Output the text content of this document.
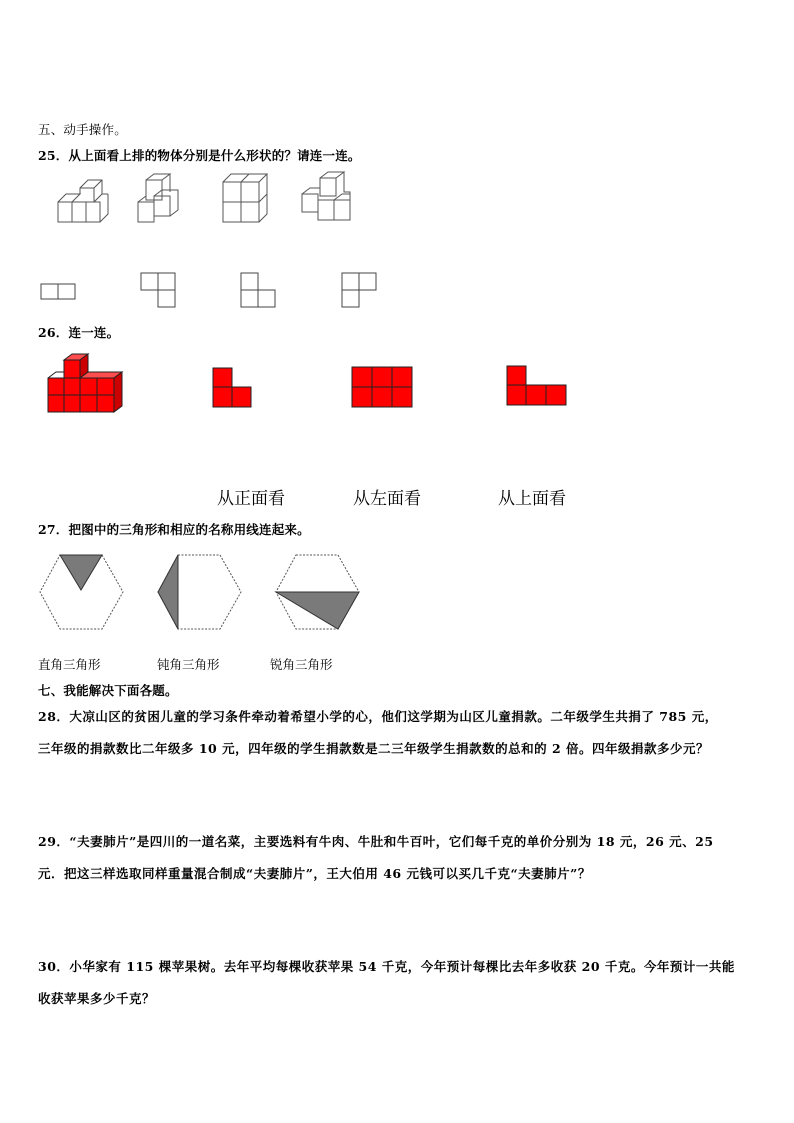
五、动手操作。
25．从上面看上排的物体分别是什么形状的？请连一连。
26．连一连。
从正面看	从左面看	从上面看
27．把图中的三角形和相应的名称用线连起来。
直角三角形	钝角三角形	锐角三角形
七、我能解决下面各题。
28．大凉山区的贫困儿童的学习条件牵动着希望小学的心，他们这学期为山区儿童捐款。二年级学生共捐了 785 元，
三年级的捐款数比二年级多 10 元，四年级的学生捐款数是二三年级学生捐款数的总和的 2 倍。四年级捐款多少元？
29．“夫妻肺片”是四川的一道名菜，主要选料有牛肉、牛肚和牛百叶，它们每千克的单价分别为 18 元，26 元、25
元．把这三样选取同样重量混合制成“夫妻肺片”，王大伯用 46 元钱可以买几千克“夫妻肺片”？
30．小华家有 115 棵苹果树。去年平均每棵收获苹果 54 千克，今年预计每棵比去年多收获 20 千克。今年预计一共能
收获苹果多少千克？
